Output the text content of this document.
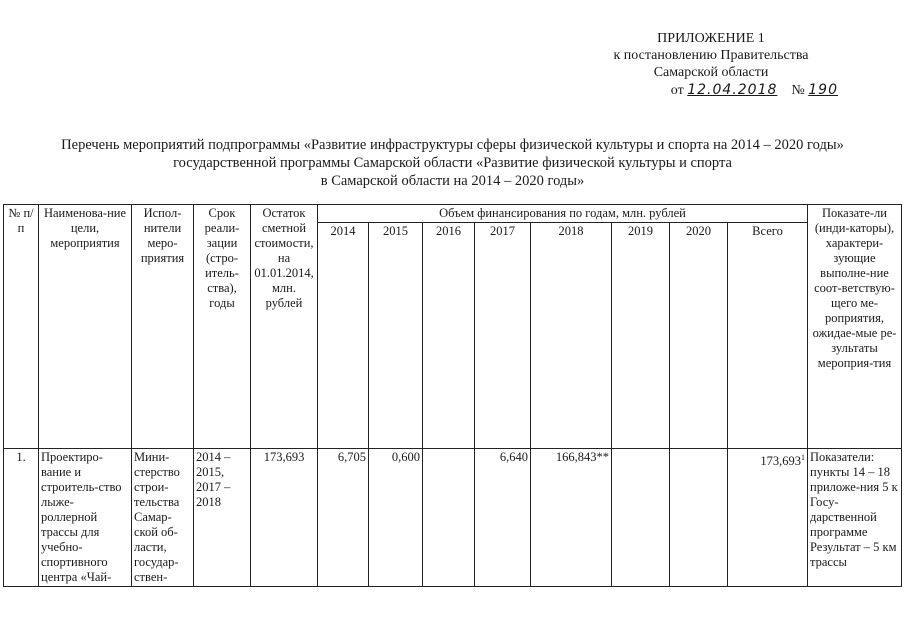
ПРИЛОЖЕНИЕ 1
к постановлению Правительства
Самарской области
от 12.04.2018 № 190
Перечень мероприятий подпрограммы «Развитие инфраструктуры сферы физической культуры и спорта на 2014 – 2020 годы»
государственной программы Самарской области «Развитие физической культуры и спорта
в Самарской области на 2014 – 2020 годы»
№ п/п	Наименова-ние цели, мероприятия	Испол-нители меро-приятия	Срок реали-зации (стро-итель-ства), годы	Остаток сметной стоимости, на 01.01.2014, млн. рублей	Объем финансирования по годам, млн. рублей								Показате-ли (инди-каторы), характери-зующие выполне-ние соот-ветствую-щего ме-роприятия, ожидае-мые ре-зультаты мероприя-тия
					2014	2015	2016	2017	2018	2019	2020	Всего	
1.	Проектиро-вание и строитель-ство лыже-роллерной трассы для учебно-спортивного центра «Чай-	Мини-стерство строи-тельства Самар-ской об-ласти, государ-ствен-	2014 – 2015, 2017 – 2018	173,693	6,705	0,600		6,640	166,843**			173,693$^1$	Показатели: пункты 14 – 18 приложе-ния 5 к Госу-дарственной программе Результат – 5 км трассы
